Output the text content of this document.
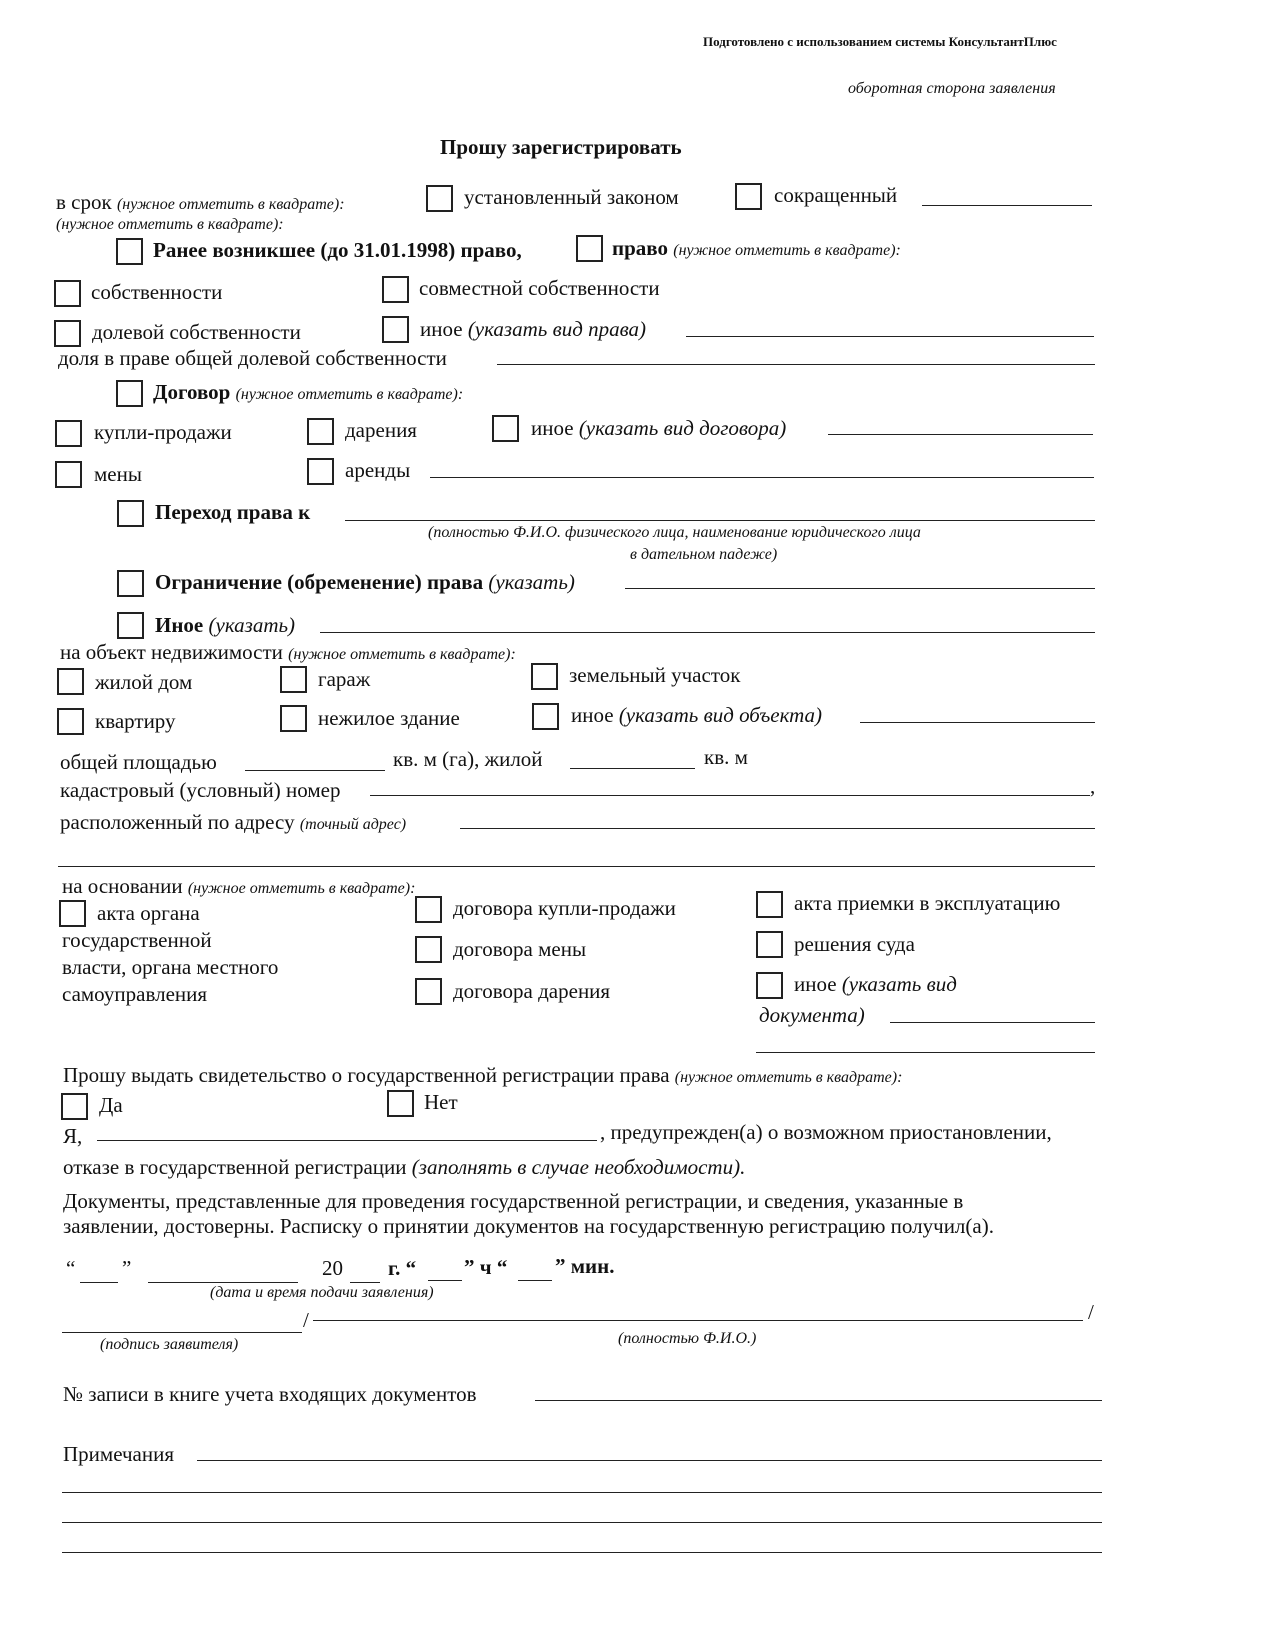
Подготовлено с использованием системы КонсультантПлюс
оборотная сторона заявления
Прошу зарегистрировать
в срок (нужное отметить в квадрате):	установленный законом	сокращенный
(нужное отметить в квадрате):
Ранее возникшее (до 31.01.1998) право,	право (нужное отметить в квадрате):
собственности	совместной собственности
долевой собственности	иное (указать вид права)
доля в праве общей долевой собственности
Договор (нужное отметить в квадрате):
купли-продажи	дарения	иное (указать вид договора)
мены	аренды
Переход права к
(полностью Ф.И.О. физического лица, наименование юридического лица
в дательном падеже)
Ограничение (обременение) права (указать)
Иное (указать)
на объект недвижимости (нужное отметить в квадрате):
жилой дом	гараж	земельный участок
квартиру	нежилое здание	иное (указать вид объекта)
общей площадью	кв. м (га), жилой	кв. м
кадастровый (условный) номер	,
расположенный по адресу (точный адрес)
на основании (нужное отметить в квадрате):
акта органа
государственной
власти, органа местного
самоуправления
договора купли-продажи
договора мены
договора дарения
акта приемки в эксплуатацию
решения суда
иное (указать вид
документа)
Прошу выдать свидетельство о государственной регистрации права (нужное отметить в квадрате):
Да	Нет
Я,	, предупрежден(а) о возможном приостановлении,
отказе в государственной регистрации (заполнять в случае необходимости).
Документы, представленные для проведения государственной регистрации, и сведения, указанные в
заявлении, достоверны. Расписку о принятии документов на государственную регистрацию получил(а).
“ ”	20 г. “ ” ч “ ” мин.
(дата и время подачи заявления)
/	/
(подпись заявителя)	(полностью Ф.И.О.)
№ записи в книге учета входящих документов
Примечания
